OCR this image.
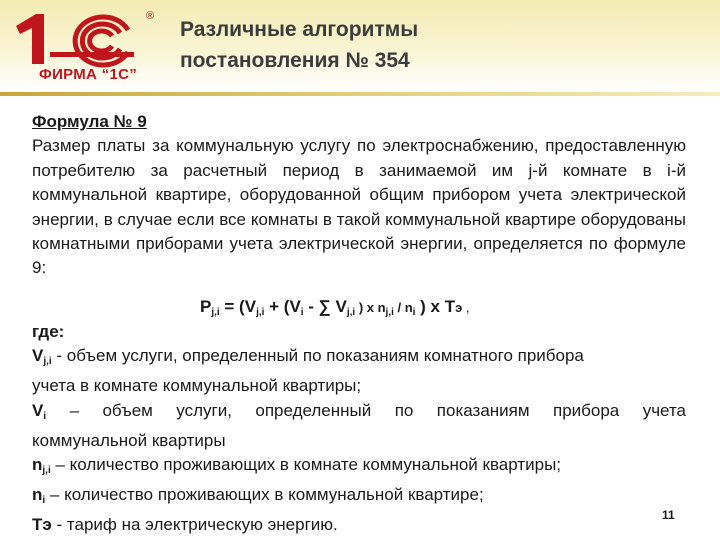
®
ФИРМА “1С”
Различные алгоритмы
постановления № 354
Формула № 9
Размер платы за коммунальную услугу по электроснабжению, предоставленную потребителю за расчетный период в занимаемой им j-й комнате в i-й коммунальной квартире, оборудованной общим прибором учета электрической энергии, в случае если все комнаты в такой коммунальной квартире оборудованы комнатными приборами учета электрической энергии, определяется по формуле 9:
$P_{j,i} = (V_{j,i} + (V_i$ - ∑ $V_{j,i}$ ) x $n_{j,i} / n_i$ ) x Tэ ,
где:
$V_{j,i}$ - объем услуги, определенный по показаниям комнатного прибора
учета в комнате коммунальной квартиры;
$V_i$ – объем услуги, определенный по показаниям прибора учета
коммунальной квартиры
$n_{j,i}$ – количество проживающих в комнате коммунальной квартиры;
$n_i$ – количество проживающих в коммунальной квартире;
Тэ - тариф на электрическую энергию.
11
